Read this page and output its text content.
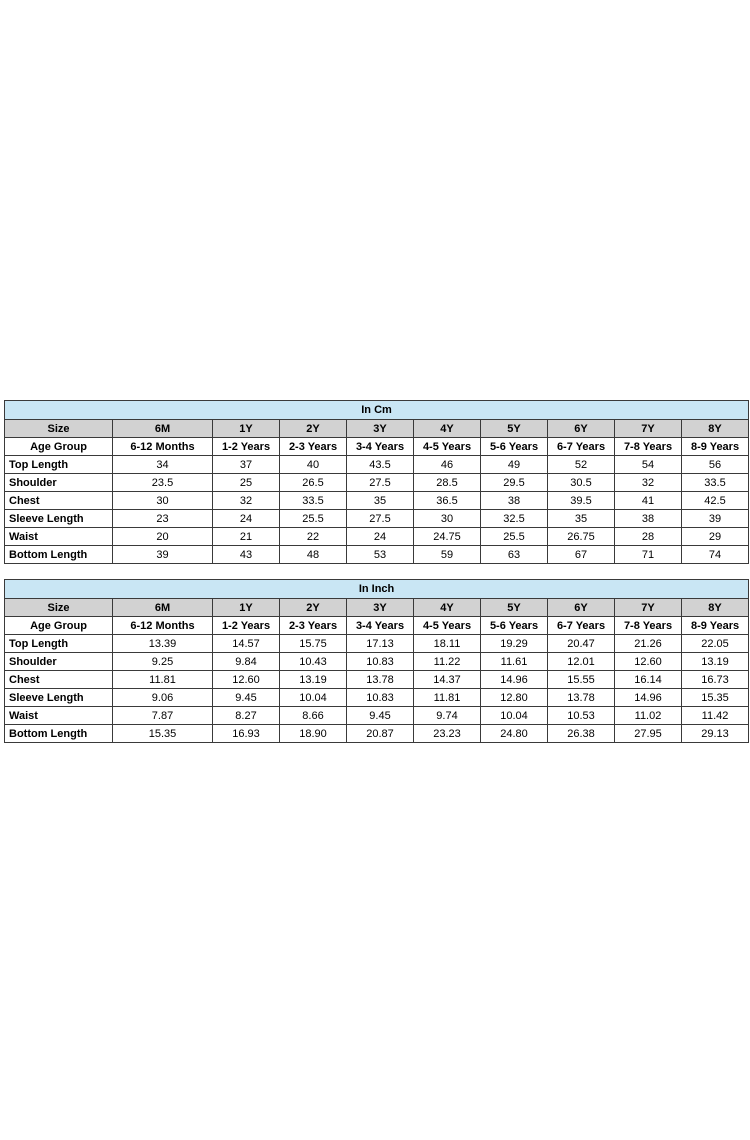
In Cm									
Size	6M	1Y	2Y	3Y	4Y	5Y	6Y	7Y	8Y
Age Group	6-12 Months	1-2 Years	2-3 Years	3-4 Years	4-5 Years	5-6 Years	6-7 Years	7-8 Years	8-9 Years
Top Length	34	37	40	43.5	46	49	52	54	56
Shoulder	23.5	25	26.5	27.5	28.5	29.5	30.5	32	33.5
Chest	30	32	33.5	35	36.5	38	39.5	41	42.5
Sleeve Length	23	24	25.5	27.5	30	32.5	35	38	39
Waist	20	21	22	24	24.75	25.5	26.75	28	29
Bottom Length	39	43	48	53	59	63	67	71	74
In Inch									
Size	6M	1Y	2Y	3Y	4Y	5Y	6Y	7Y	8Y
Age Group	6-12 Months	1-2 Years	2-3 Years	3-4 Years	4-5 Years	5-6 Years	6-7 Years	7-8 Years	8-9 Years
Top Length	13.39	14.57	15.75	17.13	18.11	19.29	20.47	21.26	22.05
Shoulder	9.25	9.84	10.43	10.83	11.22	11.61	12.01	12.60	13.19
Chest	11.81	12.60	13.19	13.78	14.37	14.96	15.55	16.14	16.73
Sleeve Length	9.06	9.45	10.04	10.83	11.81	12.80	13.78	14.96	15.35
Waist	7.87	8.27	8.66	9.45	9.74	10.04	10.53	11.02	11.42
Bottom Length	15.35	16.93	18.90	20.87	23.23	24.80	26.38	27.95	29.13
